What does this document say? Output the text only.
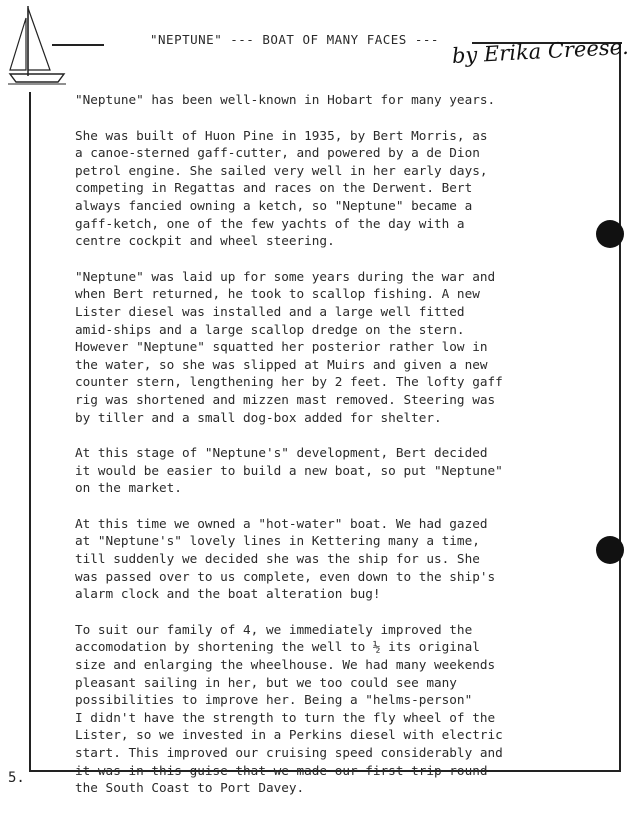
"NEPTUNE" --- BOAT OF MANY FACES --- by Erika Creese.

"Neptune" has been well-known in Hobart for many years.

She was built of Huon Pine in 1935, by Bert Morris, as
a canoe-sterned gaff-cutter, and powered by a de Dion
petrol engine. She sailed very well in her early days,
competing in Regattas and races on the Derwent. Bert
always fancied owning a ketch, so "Neptune" became a
gaff-ketch, one of the few yachts of the day with a
centre cockpit and wheel steering.

"Neptune" was laid up for some years during the war and
when Bert returned, he took to scallop fishing. A new
Lister diesel was installed and a large well fitted
amid-ships and a large scallop dredge on the stern.
However "Neptune" squatted her posterior rather low in
the water, so she was slipped at Muirs and given a new
counter stern, lengthening her by 2 feet. The lofty gaff
rig was shortened and mizzen mast removed. Steering was
by tiller and a small dog-box added for shelter.

At this stage of "Neptune's" development, Bert decided
it would be easier to build a new boat, so put "Neptune"
on the market.

At this time we owned a "hot-water" boat. We had gazed
at "Neptune's" lovely lines in Kettering many a time,
till suddenly we decided she was the ship for us. She
was passed over to us complete, even down to the ship's
alarm clock and the boat alteration bug!

To suit our family of 4, we immediately improved the
accomodation by shortening the well to ½ its original
size and enlarging the wheelhouse. We had many weekends
pleasant sailing in her, but we too could see many
possibilities to improve her. Being a "helms-person"
I didn't have the strength to turn the fly wheel of the
Lister, so we invested in a Perkins diesel with electric
start. This improved our cruising speed considerably and
it was in this guise that we made our first trip round
the South Coast to Port Davey.

5.
